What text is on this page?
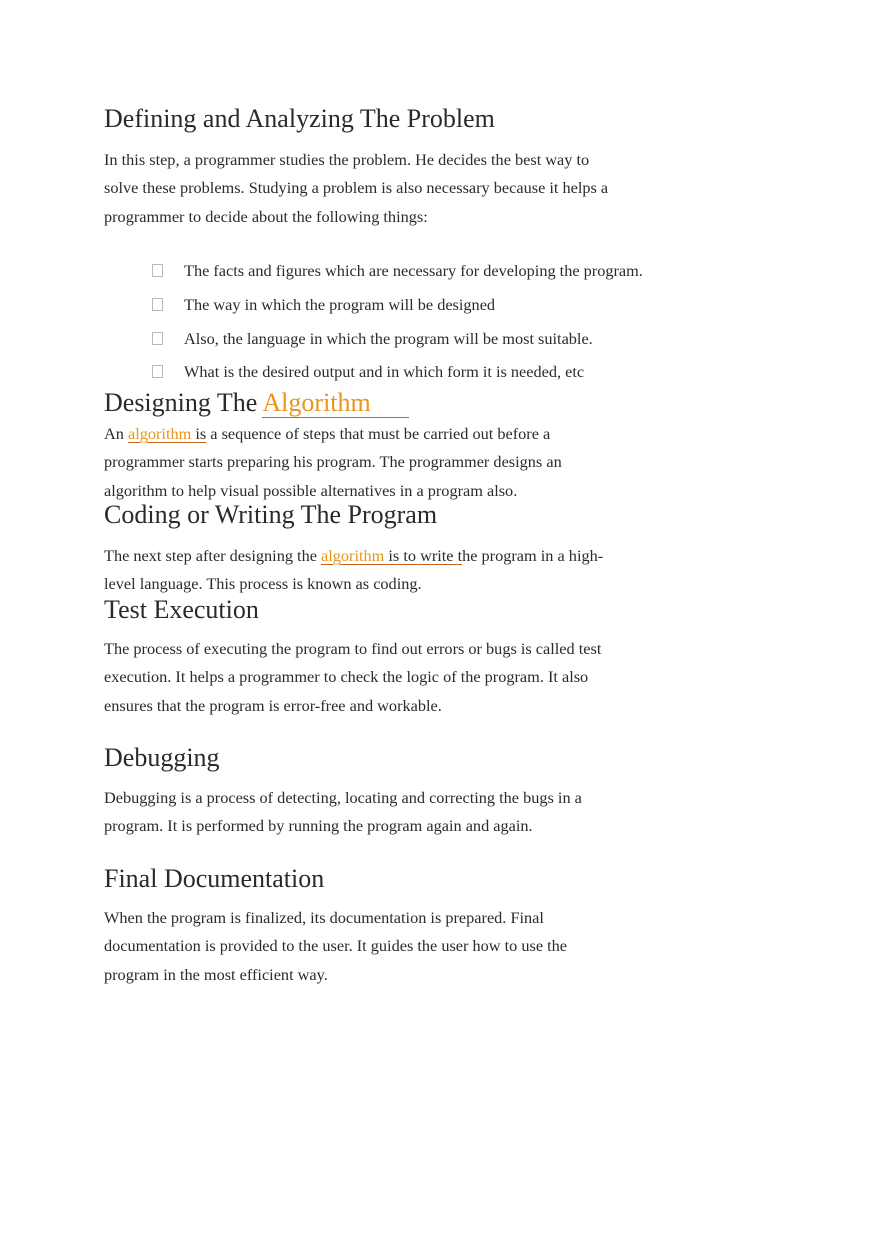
Defining and Analyzing The Problem

In this step, a programmer studies the problem. He decides the best way to
solve these problems. Studying a problem is also necessary because it helps a
programmer to decide about the following things:

The facts and figures which are necessary for developing the program.

The way in which the program will be designed

Also, the language in which the program will be most suitable.

What is the desired output and in which form it is needed, etc

Designing The Algorithm

An algorithm is a sequence of steps that must be carried out before a
programmer starts preparing his program. The programmer designs an
algorithm to help visual possible alternatives in a program also.

Coding or Writing The Program

The next step after designing the algorithm is to write the program in a high-
level language. This process is known as coding.

Test Execution

The process of executing the program to find out errors or bugs is called test
execution. It helps a programmer to check the logic of the program. It also
ensures that the program is error-free and workable.

Debugging

Debugging is a process of detecting, locating and correcting the bugs in a
program. It is performed by running the program again and again.

Final Documentation

When the program is finalized, its documentation is prepared. Final
documentation is provided to the user. It guides the user how to use the
program in the most efficient way.
